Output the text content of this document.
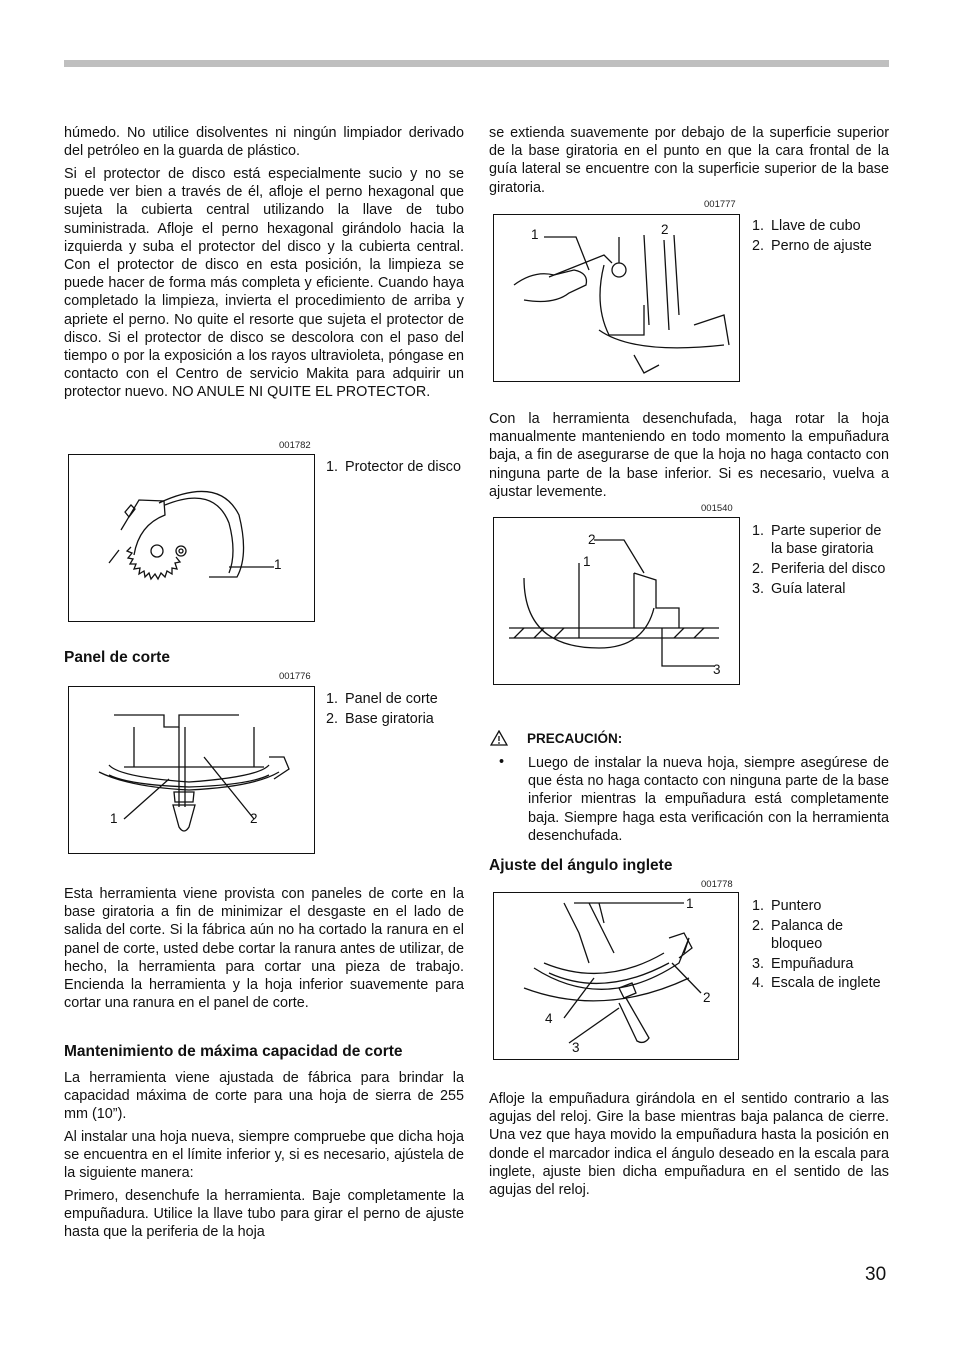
húmedo. No utilice disolventes ni ningún limpiador derivado del petróleo en la guarda de plástico.

Si el protector de disco está especialmente sucio y no se puede ver bien a través de él, afloje el perno hexagonal que sujeta la cubierta central utilizando la llave de tubo suministrada. Afloje el perno hexagonal girándolo hacia la izquierda y suba el protector del disco y la cubierta central. Con el protector de disco en esta posición, la limpieza se puede hacer de forma más completa y eficiente. Cuando haya completado la limpieza, invierta el procedimiento de arriba y apriete el perno. No quite el resorte que sujeta el protector de disco. Si el protector de disco se descolora con el paso del tiempo o por la exposición a los rayos ultravioleta, póngase en contacto con el Centro de servicio Makita para adquirir un protector nuevo. NO ANULE NI QUITE EL PROTECTOR.

001782
1
1. Protector de disco
Panel de corte
001776
1	2
1. Panel de corte
2. Base giratoria

Esta herramienta viene provista con paneles de corte en la base giratoria a fin de minimizar el desgaste en el lado de salida del corte. Si la fábrica aún no ha cortado la ranura en el panel de corte, usted debe cortar la ranura antes de utilizar, de hecho, la herramienta para cortar una pieza de trabajo. Encienda la herramienta y la hoja inferior suavemente para cortar una ranura en el panel de corte.

Mantenimiento de máxima capacidad de corte

La herramienta viene ajustada de fábrica para brindar la capacidad máxima de corte para una hoja de sierra de 255 mm (10”).

Al instalar una hoja nueva, siempre compruebe que dicha hoja se encuentra en el límite inferior y, si es necesario, ajústela de la siguiente manera:

Primero, desenchufe la herramienta. Baje completamente la empuñadura. Utilice la llave tubo para girar el perno de ajuste hasta que la periferia de la hoja

se extienda suavemente por debajo de la superficie superior de la base giratoria en el punto en que la cara frontal de la guía lateral se encuentre con la superficie superior de la base giratoria.

001777
1	2	1. Llave de cubo
2. Perno de ajuste

Con la herramienta desenchufada, haga rotar la hoja manualmente manteniendo en todo momento la empuñadura baja, a fin de asegurarse de que la hoja no haga contacto con ninguna parte de la base inferior. Si es necesario, vuelva a ajustar levemente.

001540
2
1
3
1. Parte superior de la base giratoria
2. Periferia del disco
3. Guía lateral
PRECAUCIÓN:
• Luego de instalar la nueva hoja, siempre asegúrese de que ésta no haga contacto con ninguna parte de la base inferior mientras la empuñadura está completamente baja. Siempre haga esta verificación con la herramienta desenchufada.

Ajuste del ángulo inglete
001778
1
2
4
3
1. Puntero
2. Palanca de bloqueo
3. Empuñadura
4. Escala de inglete

Afloje la empuñadura girándola en el sentido contrario a las agujas del reloj. Gire la base mientras baja palanca de cierre. Una vez que haya movido la empuñadura hasta la posición en donde el marcador indica el ángulo deseado en la escala para inglete, ajuste bien dicha empuñadura en el sentido de las agujas del reloj.

30
